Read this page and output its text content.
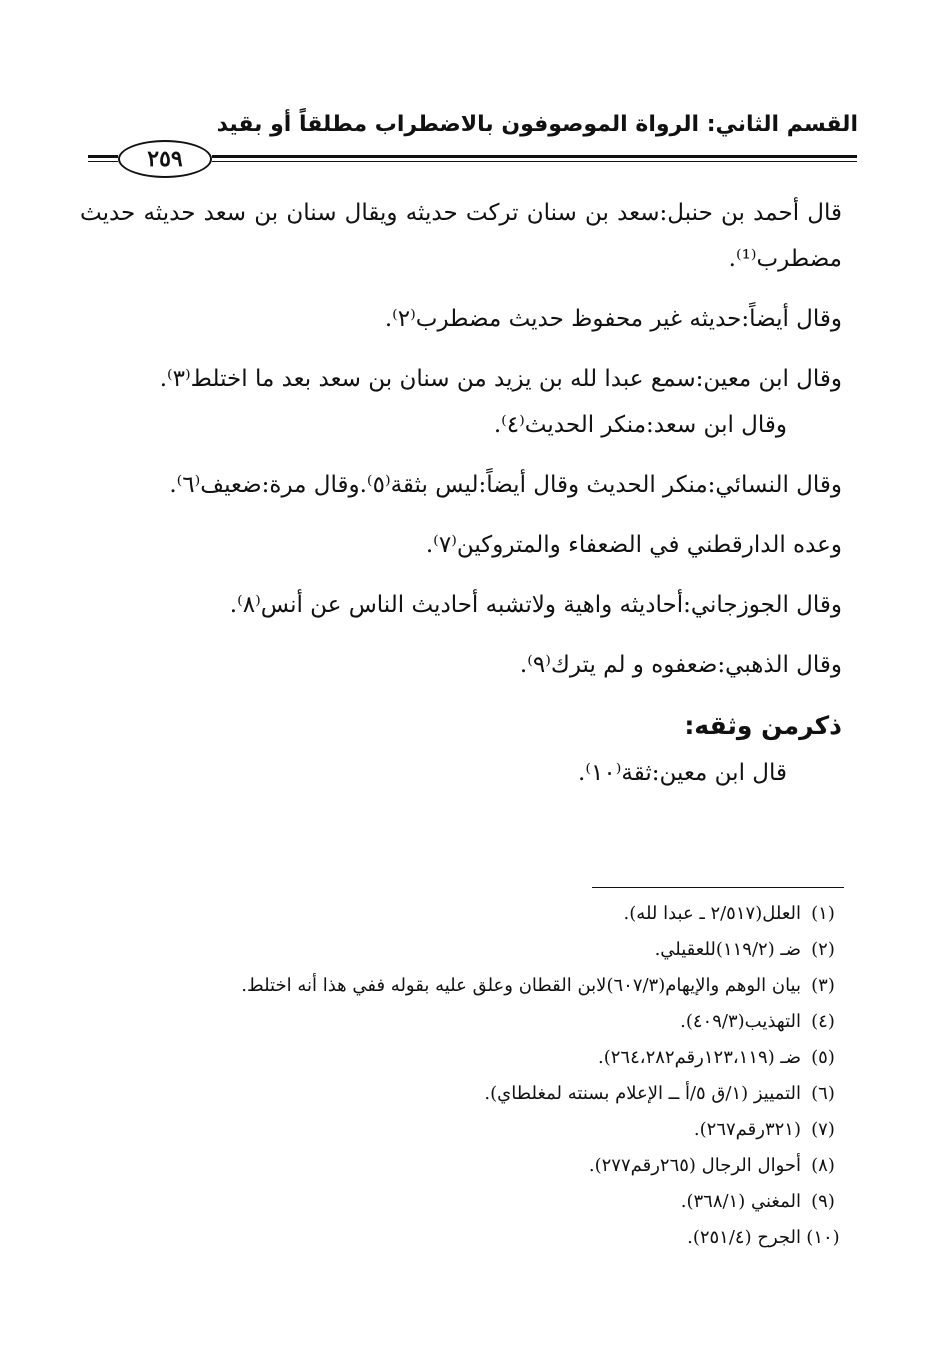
القسم الثاني: الرواة الموصوفون بالاضطراب مطلقاً أو بقيد
٢٥٩

قال أحمد بن حنبل:سعد بن سنان تركت حديثه ويقال سنان بن سعد حديثه حديث مضطرب⁽¹⁾.

وقال أيضاً:حديثه غير محفوظ حديث مضطرب⁽٢⁾.

وقال ابن معين:سمع عبدا لله بن يزيد من سنان بن سعد بعد ما اختلط⁽٣⁾.

وقال ابن سعد:منكر الحديث⁽٤⁾.

وقال النسائي:منكر الحديث وقال أيضاً:ليس بثقة⁽٥⁾.وقال مرة:ضعيف⁽٦⁾.

وعده الدارقطني في الضعفاء والمتروكين⁽٧⁾.

وقال الجوزجاني:أحاديثه واهية ولاتشبه أحاديث الناس عن أنس⁽٨⁾.

وقال الذهبي:ضعفوه و لم يترك⁽٩⁾.

ذكرمن وثقه:

قال ابن معين:ثقة⁽١٠⁾.

(١)
العلل(٢/٥١٧ ـ عبدا لله).
(٢)
ضـ (١١٩/٢)للعقيلي.
(٣)
بيان الوهم والإيهام(٦٠٧/٣)لابن القطان وعلق عليه بقوله ففي هذا أنه اختلط.
(٤)
التهذيب(٤٠٩/٣).
(٥)
ضـ (١٢٣،١١٩رقم٢٦٤،٢٨٢).
(٦)
التمييز (١/ق ٥/أ ــ الإعلام بسنته لمغلطاي).
(٧)
(٣٢١رقم٢٦٧).
(٨)
أحوال الرجال (٢٦٥رقم٢٧٧).
(٩)
المغني (٣٦٨/١).
(١٠)
الجرح (٢٥١/٤).
